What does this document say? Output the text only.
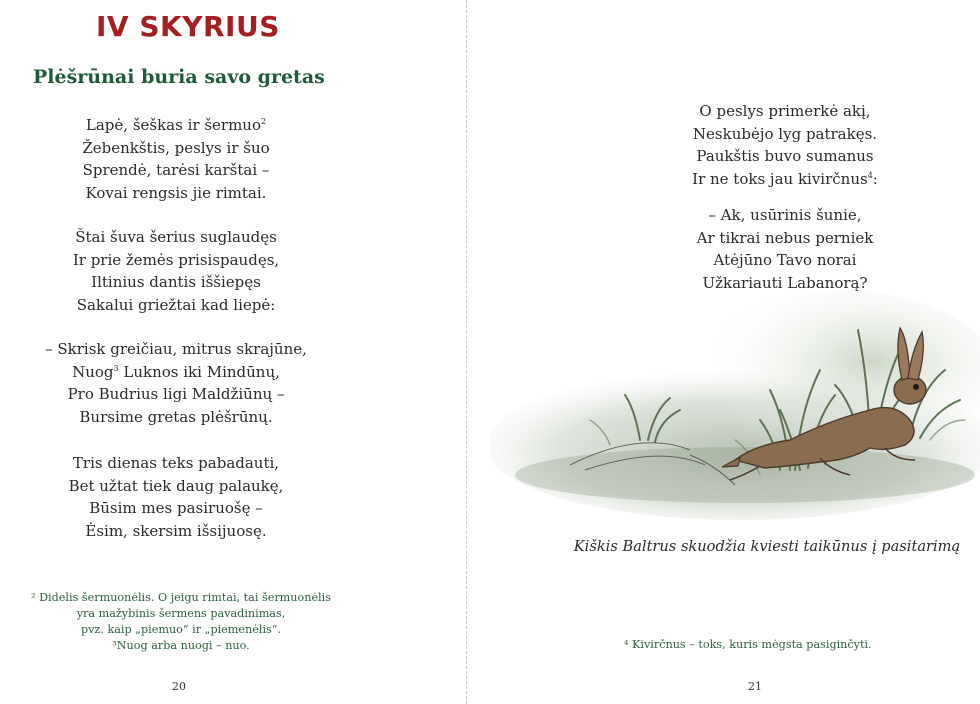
IV SKYRIUS
Plėšrūnai buria savo gretas
Lapė, šeškas ir šermuo$^2$
Žebenkštis, peslys ir šuo
Sprendė, tarėsi karštai –
Kovai rengsis jie rimtai.
Štai šuva šerius suglaudęs
Ir prie žemės prisispaudęs,
Iltinius dantis iššiepęs
Sakalui griežtai kad liepė:
– Skrisk greičiau, mitrus skrajūne,
Nuog$^3$ Luknos iki Mindūnų,
Pro Budrius ligi Maldžiūnų –
Bursime gretas plėšrūnų.
Tris dienas teks pabadauti,
Bet užtat tiek daug palaukę,
Būsim mes pasiruošę –
Ėsim, skersim išsijuosę.
² Didelis šermuonėlis. O jeigu rimtai, tai šermuonėlis
yra mažybinis šermens pavadinimas,
pvz. kaip „piemuo“ ir „piemenėlis“.
³Nuog arba nuogi – nuo.
20
O peslys primerkė akį,
Neskubėjo lyg patrakęs.
Paukštis buvo sumanus
Ir ne toks jau kivirčnus$^4$:
– Ak, usūrinis šunie,
Ar tikrai nebus perniek
Atėjūno Tavo norai
Užkariauti Labanorą?
Kiškis Baltrus skuodžia kviesti taikūnus į pasitarimą
⁴ Kivirčnus – toks, kuris mėgsta pasiginčyti.
21
